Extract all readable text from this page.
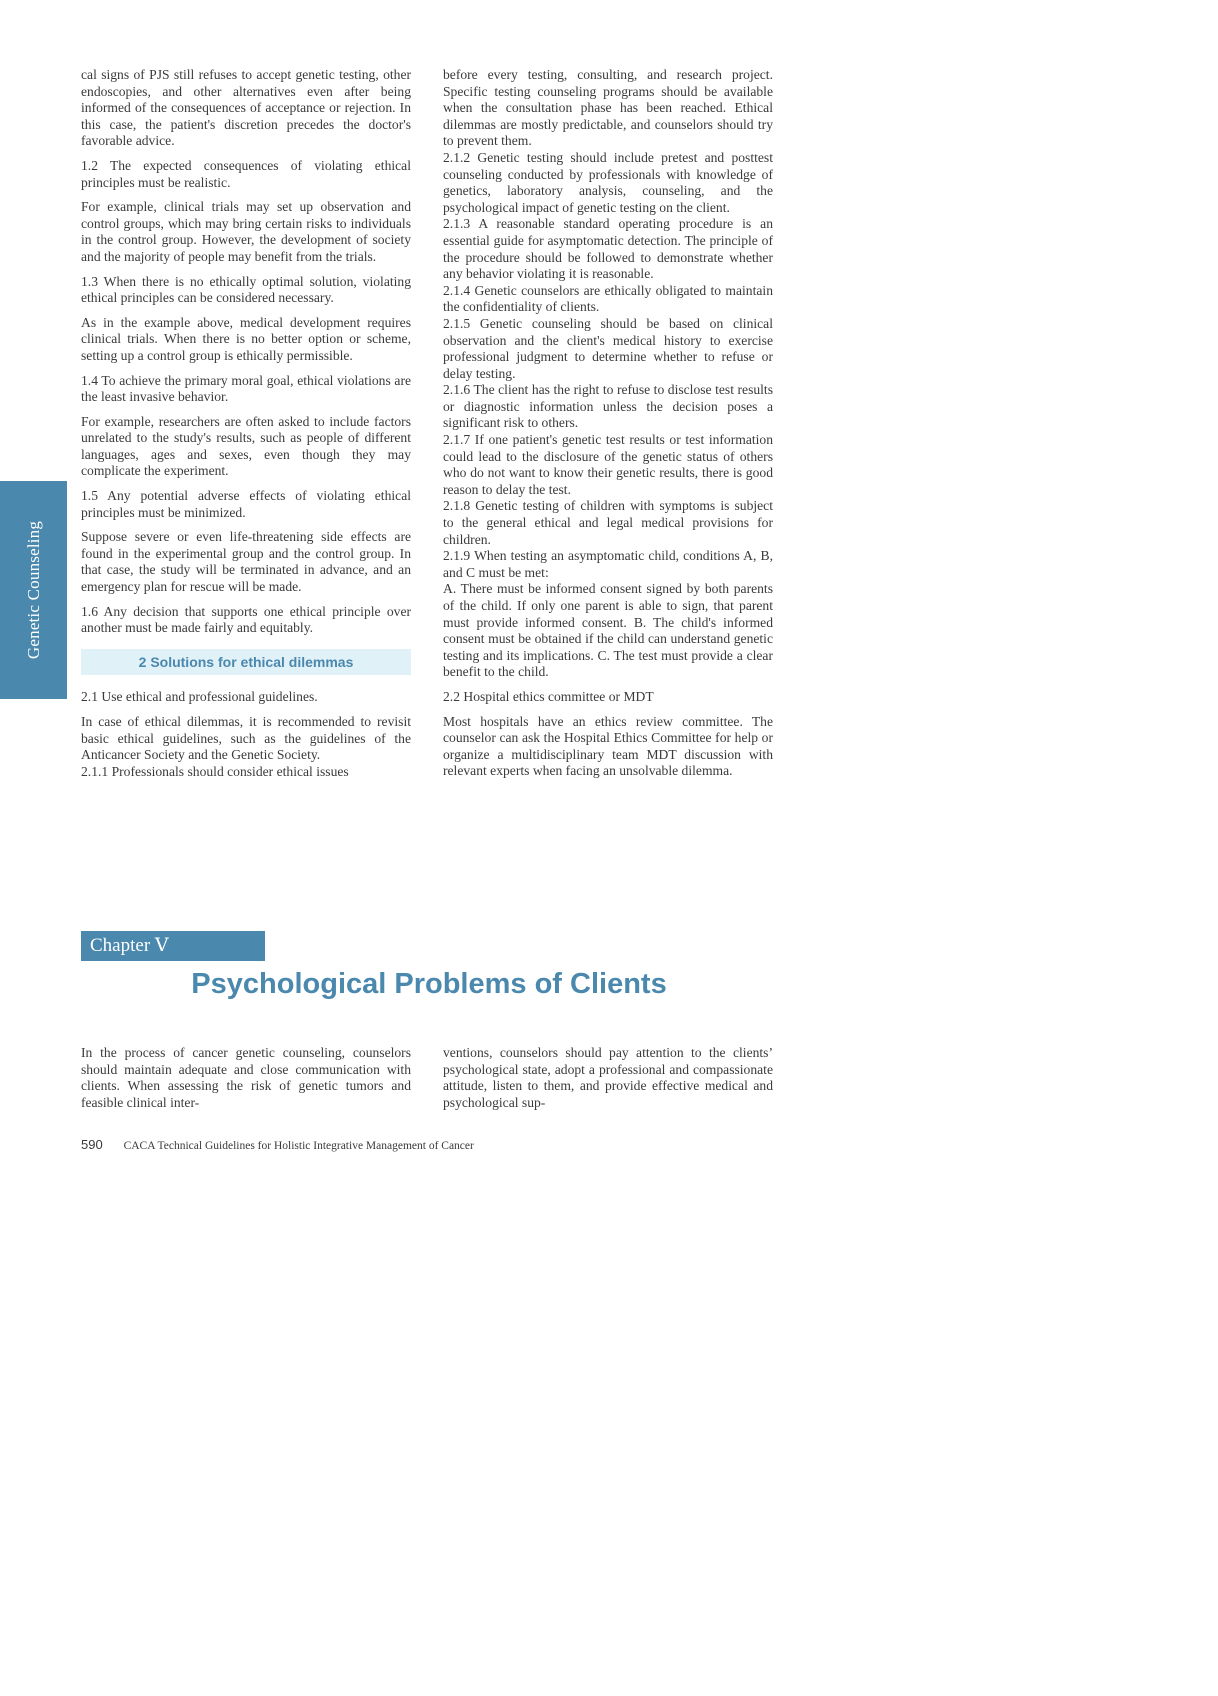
Genetic Counseling

cal signs of PJS still refuses to accept genetic testing, other endoscopies, and other alternatives even after being informed of the consequences of acceptance or rejection. In this case, the patient's discretion precedes the doctor's favorable advice.

1.2 The expected consequences of violating ethical principles must be realistic.

For example, clinical trials may set up observation and control groups, which may bring certain risks to individuals in the control group. However, the development of society and the majority of people may benefit from the trials.

1.3 When there is no ethically optimal solution, violating ethical principles can be considered necessary.

As in the example above, medical development requires clinical trials. When there is no better option or scheme, setting up a control group is ethically permissible.

1.4 To achieve the primary moral goal, ethical violations are the least invasive behavior.

For example, researchers are often asked to include factors unrelated to the study's results, such as people of different languages, ages and sexes, even though they may complicate the experiment.

1.5 Any potential adverse effects of violating ethical principles must be minimized.

Suppose severe or even life-threatening side effects are found in the experimental group and the control group. In that case, the study will be terminated in advance, and an emergency plan for rescue will be made.

1.6 Any decision that supports one ethical principle over another must be made fairly and equitably.

2 Solutions for ethical dilemmas

2.1 Use ethical and professional guidelines.

In case of ethical dilemmas, it is recommended to revisit basic ethical guidelines, such as the guidelines of the Anticancer Society and the Genetic Society.

2.1.1 Professionals should consider ethical issues

before every testing, consulting, and research project. Specific testing counseling programs should be available when the consultation phase has been reached. Ethical dilemmas are mostly predictable, and counselors should try to prevent them.

2.1.2 Genetic testing should include pretest and posttest counseling conducted by professionals with knowledge of genetics, laboratory analysis, counseling, and the psychological impact of genetic testing on the client.

2.1.3 A reasonable standard operating procedure is an essential guide for asymptomatic detection. The principle of the procedure should be followed to demonstrate whether any behavior violating it is reasonable.

2.1.4 Genetic counselors are ethically obligated to maintain the confidentiality of clients.

2.1.5 Genetic counseling should be based on clinical observation and the client's medical history to exercise professional judgment to determine whether to refuse or delay testing.

2.1.6 The client has the right to refuse to disclose test results or diagnostic information unless the decision poses a significant risk to others.

2.1.7 If one patient's genetic test results or test information could lead to the disclosure of the genetic status of others who do not want to know their genetic results, there is good reason to delay the test.

2.1.8 Genetic testing of children with symptoms is subject to the general ethical and legal medical provisions for children.

2.1.9 When testing an asymptomatic child, conditions A, B, and C must be met:

A. There must be informed consent signed by both parents of the child. If only one parent is able to sign, that parent must provide informed consent. B. The child's informed consent must be obtained if the child can understand genetic testing and its implications. C. The test must provide a clear benefit to the child.

2.2 Hospital ethics committee or MDT

Most hospitals have an ethics review committee. The counselor can ask the Hospital Ethics Committee for help or organize a multidisciplinary team MDT discussion with relevant experts when facing an unsolvable dilemma.

Chapter Ⅴ
Psychological Problems of Clients

In the process of cancer genetic counseling, counselors should maintain adequate and close communication with clients. When assessing the risk of genetic tumors and feasible clinical inter-

ventions, counselors should pay attention to the clients’ psychological state, adopt a professional and compassionate attitude, listen to them, and provide effective medical and psychological sup-

590 CACA Technical Guidelines for Holistic Integrative Management of Cancer
